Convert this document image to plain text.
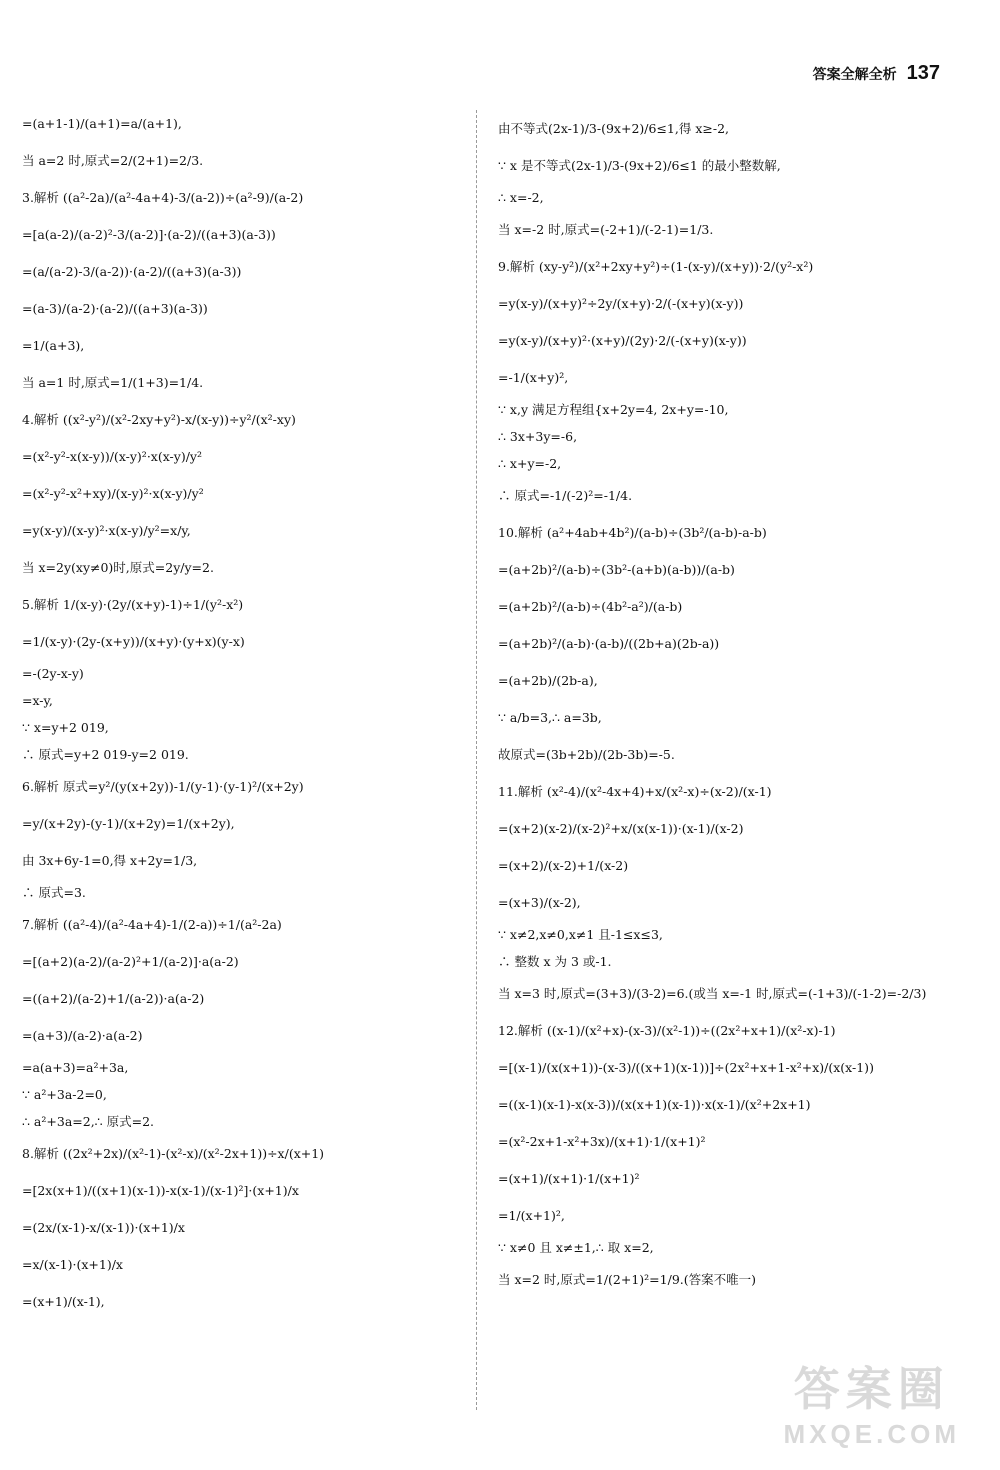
答案全解全析 137
=(a+1-1)/(a+1)=a/(a+1),
当 a=2 时,原式=2/(2+1)=2/3.
3.解析 ((a²-2a)/(a²-4a+4)-3/(a-2))÷(a²-9)/(a-2)
=[a(a-2)/(a-2)²-3/(a-2)]·(a-2)/((a+3)(a-3))
=(a/(a-2)-3/(a-2))·(a-2)/((a+3)(a-3))
=(a-3)/(a-2)·(a-2)/((a+3)(a-3))
=1/(a+3),
当 a=1 时,原式=1/(1+3)=1/4.
4.解析 ((x²-y²)/(x²-2xy+y²)-x/(x-y))÷y²/(x²-xy)
=(x²-y²-x(x-y))/(x-y)²·x(x-y)/y²
=(x²-y²-x²+xy)/(x-y)²·x(x-y)/y²
=y(x-y)/(x-y)²·x(x-y)/y²=x/y,
当 x=2y(xy≠0)时,原式=2y/y=2.
5.解析 1/(x-y)·(2y/(x+y)-1)÷1/(y²-x²)
=1/(x-y)·(2y-(x+y))/(x+y)·(y+x)(y-x)
=-(2y-x-y)
=x-y,
∵ x=y+2 019,
∴ 原式=y+2 019-y=2 019.
6.解析 原式=y²/(y(x+2y))-1/(y-1)·(y-1)²/(x+2y)
=y/(x+2y)-(y-1)/(x+2y)=1/(x+2y),
由 3x+6y-1=0,得 x+2y=1/3,
∴ 原式=3.
7.解析 ((a²-4)/(a²-4a+4)-1/(2-a))÷1/(a²-2a)
=[(a+2)(a-2)/(a-2)²+1/(a-2)]·a(a-2)
=((a+2)/(a-2)+1/(a-2))·a(a-2)
=(a+3)/(a-2)·a(a-2)
=a(a+3)=a²+3a,
∵ a²+3a-2=0,
∴ a²+3a=2,∴ 原式=2.
8.解析 ((2x²+2x)/(x²-1)-(x²-x)/(x²-2x+1))÷x/(x+1)
=[2x(x+1)/((x+1)(x-1))-x(x-1)/(x-1)²]·(x+1)/x
=(2x/(x-1)-x/(x-1))·(x+1)/x
=x/(x-1)·(x+1)/x
=(x+1)/(x-1),
由不等式(2x-1)/3-(9x+2)/6≤1,得 x≥-2,
∵ x 是不等式(2x-1)/3-(9x+2)/6≤1 的最小整数解,
∴ x=-2,
当 x=-2 时,原式=(-2+1)/(-2-1)=1/3.
9.解析 (xy-y²)/(x²+2xy+y²)÷(1-(x-y)/(x+y))·2/(y²-x²)
=y(x-y)/(x+y)²÷2y/(x+y)·2/(-(x+y)(x-y))
=y(x-y)/(x+y)²·(x+y)/(2y)·2/(-(x+y)(x-y))
=-1/(x+y)²,
∵ x,y 满足方程组{x+2y=4, 2x+y=-10,
∴ 3x+3y=-6,
∴ x+y=-2,
∴ 原式=-1/(-2)²=-1/4.
10.解析 (a²+4ab+4b²)/(a-b)÷(3b²/(a-b)-a-b)
=(a+2b)²/(a-b)÷(3b²-(a+b)(a-b))/(a-b)
=(a+2b)²/(a-b)÷(4b²-a²)/(a-b)
=(a+2b)²/(a-b)·(a-b)/((2b+a)(2b-a))
=(a+2b)/(2b-a),
∵ a/b=3,∴ a=3b,
故原式=(3b+2b)/(2b-3b)=-5.
11.解析 (x²-4)/(x²-4x+4)+x/(x²-x)÷(x-2)/(x-1)
=(x+2)(x-2)/(x-2)²+x/(x(x-1))·(x-1)/(x-2)
=(x+2)/(x-2)+1/(x-2)
=(x+3)/(x-2),
∵ x≠2,x≠0,x≠1 且-1≤x≤3,
∴ 整数 x 为 3 或-1.
当 x=3 时,原式=(3+3)/(3-2)=6.(或当 x=-1 时,原式=(-1+3)/(-1-2)=-2/3)
12.解析 ((x-1)/(x²+x)-(x-3)/(x²-1))÷((2x²+x+1)/(x²-x)-1)
=[(x-1)/(x(x+1))-(x-3)/((x+1)(x-1))]÷(2x²+x+1-x²+x)/(x(x-1))
=((x-1)(x-1)-x(x-3))/(x(x+1)(x-1))·x(x-1)/(x²+2x+1)
=(x²-2x+1-x²+3x)/(x+1)·1/(x+1)²
=(x+1)/(x+1)·1/(x+1)²
=1/(x+1)²,
∵ x≠0 且 x≠±1,∴ 取 x=2,
当 x=2 时,原式=1/(2+1)²=1/9.(答案不唯一)
答案圈
MXQE.COM
